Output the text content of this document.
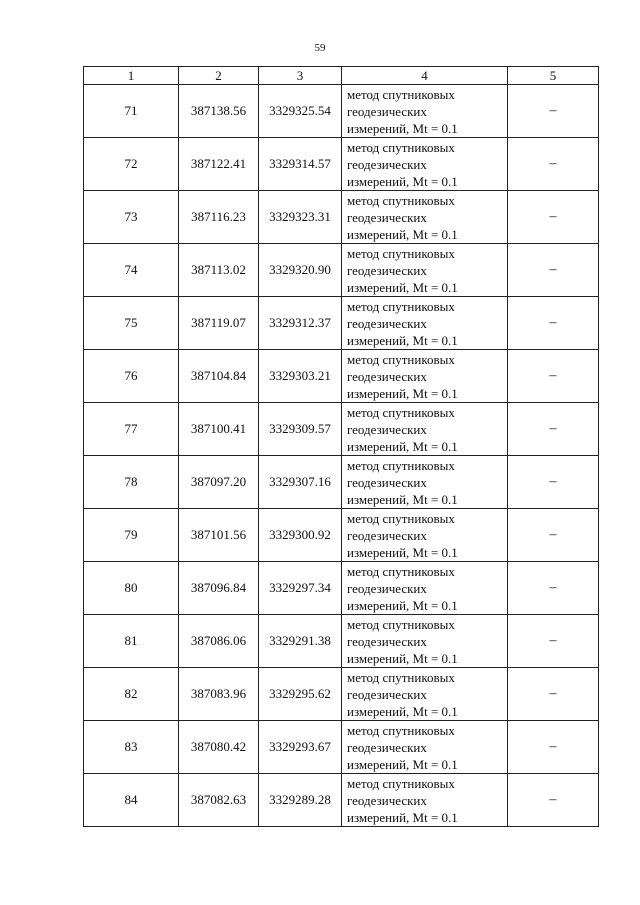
59
1	2	3	4	5
71	387138.56	3329325.54	метод спутниковых
геодезических
измерений, Mt = 0.1	–
72	387122.41	3329314.57	метод спутниковых
геодезических
измерений, Mt = 0.1	–
73	387116.23	3329323.31	метод спутниковых
геодезических
измерений, Mt = 0.1	–
74	387113.02	3329320.90	метод спутниковых
геодезических
измерений, Mt = 0.1	–
75	387119.07	3329312.37	метод спутниковых
геодезических
измерений, Mt = 0.1	–
76	387104.84	3329303.21	метод спутниковых
геодезических
измерений, Mt = 0.1	–
77	387100.41	3329309.57	метод спутниковых
геодезических
измерений, Mt = 0.1	–
78	387097.20	3329307.16	метод спутниковых
геодезических
измерений, Mt = 0.1	–
79	387101.56	3329300.92	метод спутниковых
геодезических
измерений, Mt = 0.1	–
80	387096.84	3329297.34	метод спутниковых
геодезических
измерений, Mt = 0.1	–
81	387086.06	3329291.38	метод спутниковых
геодезических
измерений, Mt = 0.1	–
82	387083.96	3329295.62	метод спутниковых
геодезических
измерений, Mt = 0.1	–
83	387080.42	3329293.67	метод спутниковых
геодезических
измерений, Mt = 0.1	–
84	387082.63	3329289.28	метод спутниковых
геодезических
измерений, Mt = 0.1	–
